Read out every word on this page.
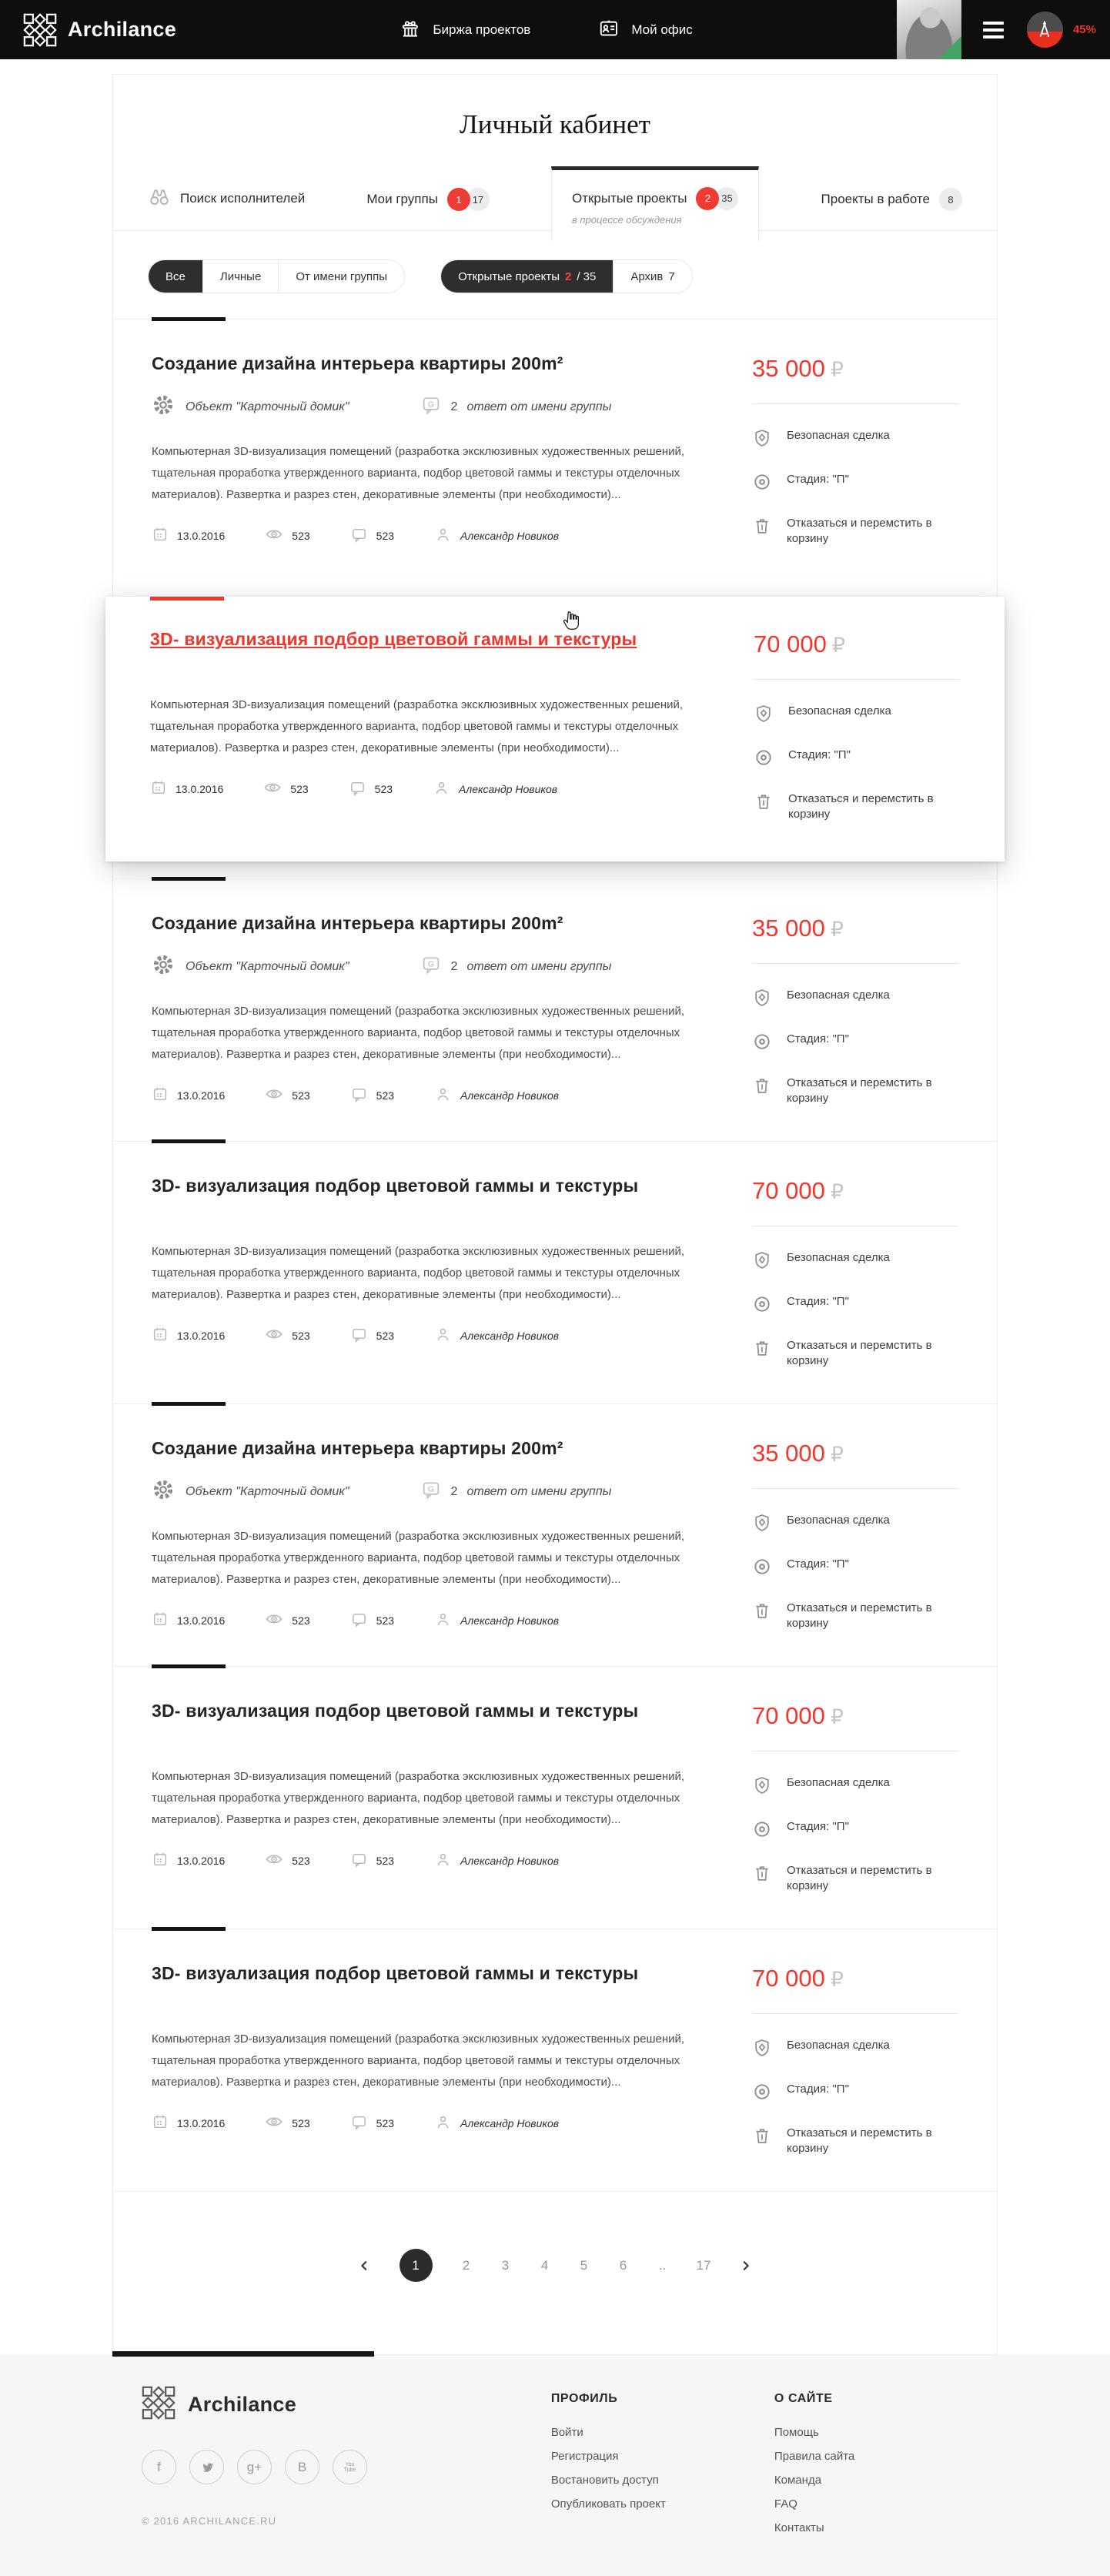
Archilance	Биржа проектов	Мой офис	45%
Личный кабинет
Поиск исполнителей	Мои группы	1	17	Открытые проекты	2	35
в процессе обсуждения
Проекты в работе	8
Все	Личные	От имени группы	Открытые проекты 2 / 35	Архив 7
Создание дизайна интерьера квартиры 200m²
Объект "Карточный домик"	G 2 ответ от имени группы

Компьютерная 3D-визуализация помещений (разработка эксклюзивных художественных решений, тщательная проработка утвержденного варианта, подбор цветовой гаммы и текстуры отделочных материалов). Развертка и разрез стен, декоративные элементы (при необходимости)...

13.0.2016	523	523	Александр Новиков
35 000 ₽
Безопасная сделка
Стадия: "П"
Отказаться и перемстить в корзину
3D- визуализация подбор цветовой гаммы и текстуры

Компьютерная 3D-визуализация помещений (разработка эксклюзивных художественных решений, тщательная проработка утвержденного варианта, подбор цветовой гаммы и текстуры отделочных материалов). Развертка и разрез стен, декоративные элементы (при необходимости)...

13.0.2016	523	523	Александр Новиков
70 000 ₽
Безопасная сделка
Стадия: "П"
Отказаться и перемстить в корзину
Создание дизайна интерьера квартиры 200m²
Объект "Карточный домик"	G 2 ответ от имени группы

Компьютерная 3D-визуализация помещений (разработка эксклюзивных художественных решений, тщательная проработка утвержденного варианта, подбор цветовой гаммы и текстуры отделочных материалов). Развертка и разрез стен, декоративные элементы (при необходимости)...

13.0.2016	523	523	Александр Новиков
35 000 ₽
Безопасная сделка
Стадия: "П"
Отказаться и перемстить в корзину
3D- визуализация подбор цветовой гаммы и текстуры

Компьютерная 3D-визуализация помещений (разработка эксклюзивных художественных решений, тщательная проработка утвержденного варианта, подбор цветовой гаммы и текстуры отделочных материалов). Развертка и разрез стен, декоративные элементы (при необходимости)...

13.0.2016	523	523	Александр Новиков
70 000 ₽
Безопасная сделка
Стадия: "П"
Отказаться и перемстить в корзину
Создание дизайна интерьера квартиры 200m²
Объект "Карточный домик"	G 2 ответ от имени группы

Компьютерная 3D-визуализация помещений (разработка эксклюзивных художественных решений, тщательная проработка утвержденного варианта, подбор цветовой гаммы и текстуры отделочных материалов). Развертка и разрез стен, декоративные элементы (при необходимости)...

13.0.2016	523	523	Александр Новиков
35 000 ₽
Безопасная сделка
Стадия: "П"
Отказаться и перемстить в корзину
3D- визуализация подбор цветовой гаммы и текстуры

Компьютерная 3D-визуализация помещений (разработка эксклюзивных художественных решений, тщательная проработка утвержденного варианта, подбор цветовой гаммы и текстуры отделочных материалов). Развертка и разрез стен, декоративные элементы (при необходимости)...

13.0.2016	523	523	Александр Новиков
70 000 ₽
Безопасная сделка
Стадия: "П"
Отказаться и перемстить в корзину
3D- визуализация подбор цветовой гаммы и текстуры

Компьютерная 3D-визуализация помещений (разработка эксклюзивных художественных решений, тщательная проработка утвержденного варианта, подбор цветовой гаммы и текстуры отделочных материалов). Развертка и разрез стен, декоративные элементы (при необходимости)...

13.0.2016	523	523	Александр Новиков
70 000 ₽
Безопасная сделка
Стадия: "П"
Отказаться и перемстить в корзину
1	2 3 4 5 6 .. 17
Archilance
f	g+	B	You Tube
© 2016 ARCHILANCE.RU
ПРОФИЛЬ
Войти
Регистрация
Востановить доступ
Опубликовать проект
О САЙТЕ
Помощь
Правила сайта
Команда
FAQ
Контакты
